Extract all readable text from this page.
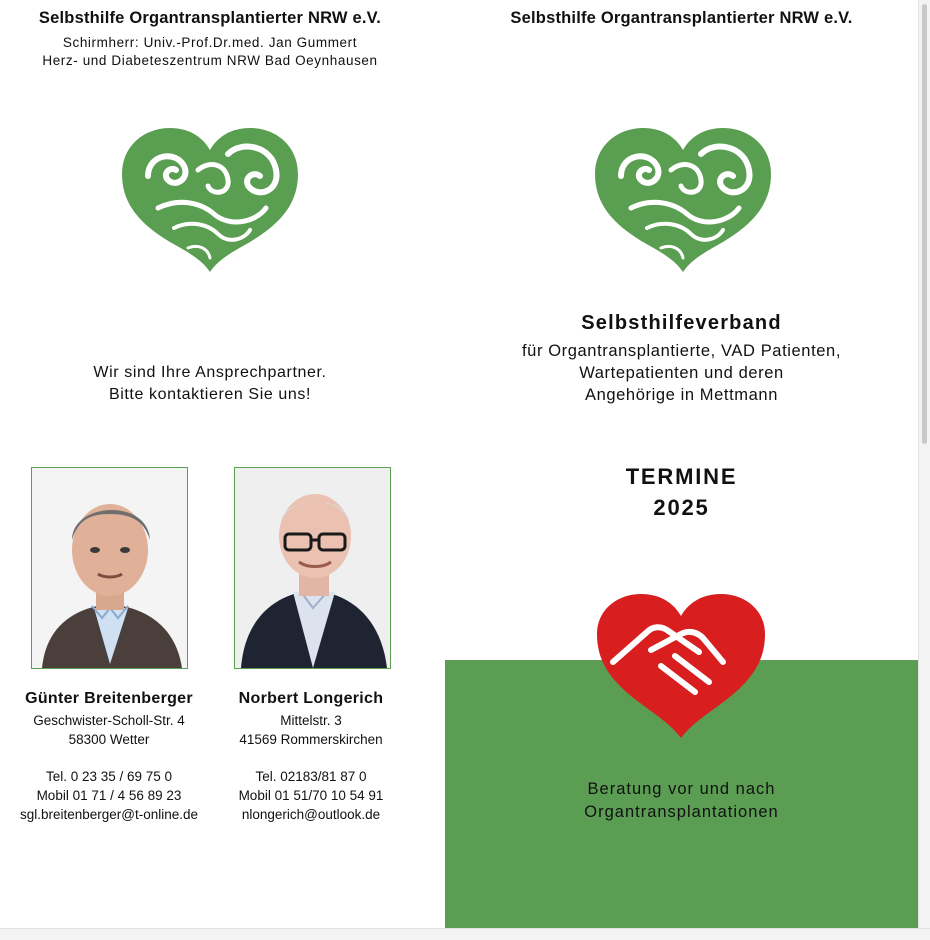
Selbsthilfe Organtransplantierter NRW e.V.
Schirmherr: Univ.-Prof.Dr.med. Jan Gummert
Herz- und Diabeteszentrum NRW Bad Oeynhausen
Wir sind Ihre Ansprechpartner.
Bitte kontaktieren Sie uns!
Günter Breitenberger
Geschwister-Scholl-Str. 4
58300 Wetter
Tel. 0 23 35 / 69 75 0
Mobil 01 71 / 4 56 89 23
sgl.breitenberger@t-online.de
Norbert Longerich
Mittelstr. 3
41569 Rommerskirchen
Tel. 02183/81 87 0
Mobil 01 51/70 10 54 91
nlongerich@outlook.de
Selbsthilfe Organtransplantierter NRW e.V.
Selbsthilfeverband
für Organtransplantierte, VAD Patienten,
Wartepatienten und deren
Angehörige in Mettmann
TERMINE
2025
Beratung vor und nach
Organtransplantationen
